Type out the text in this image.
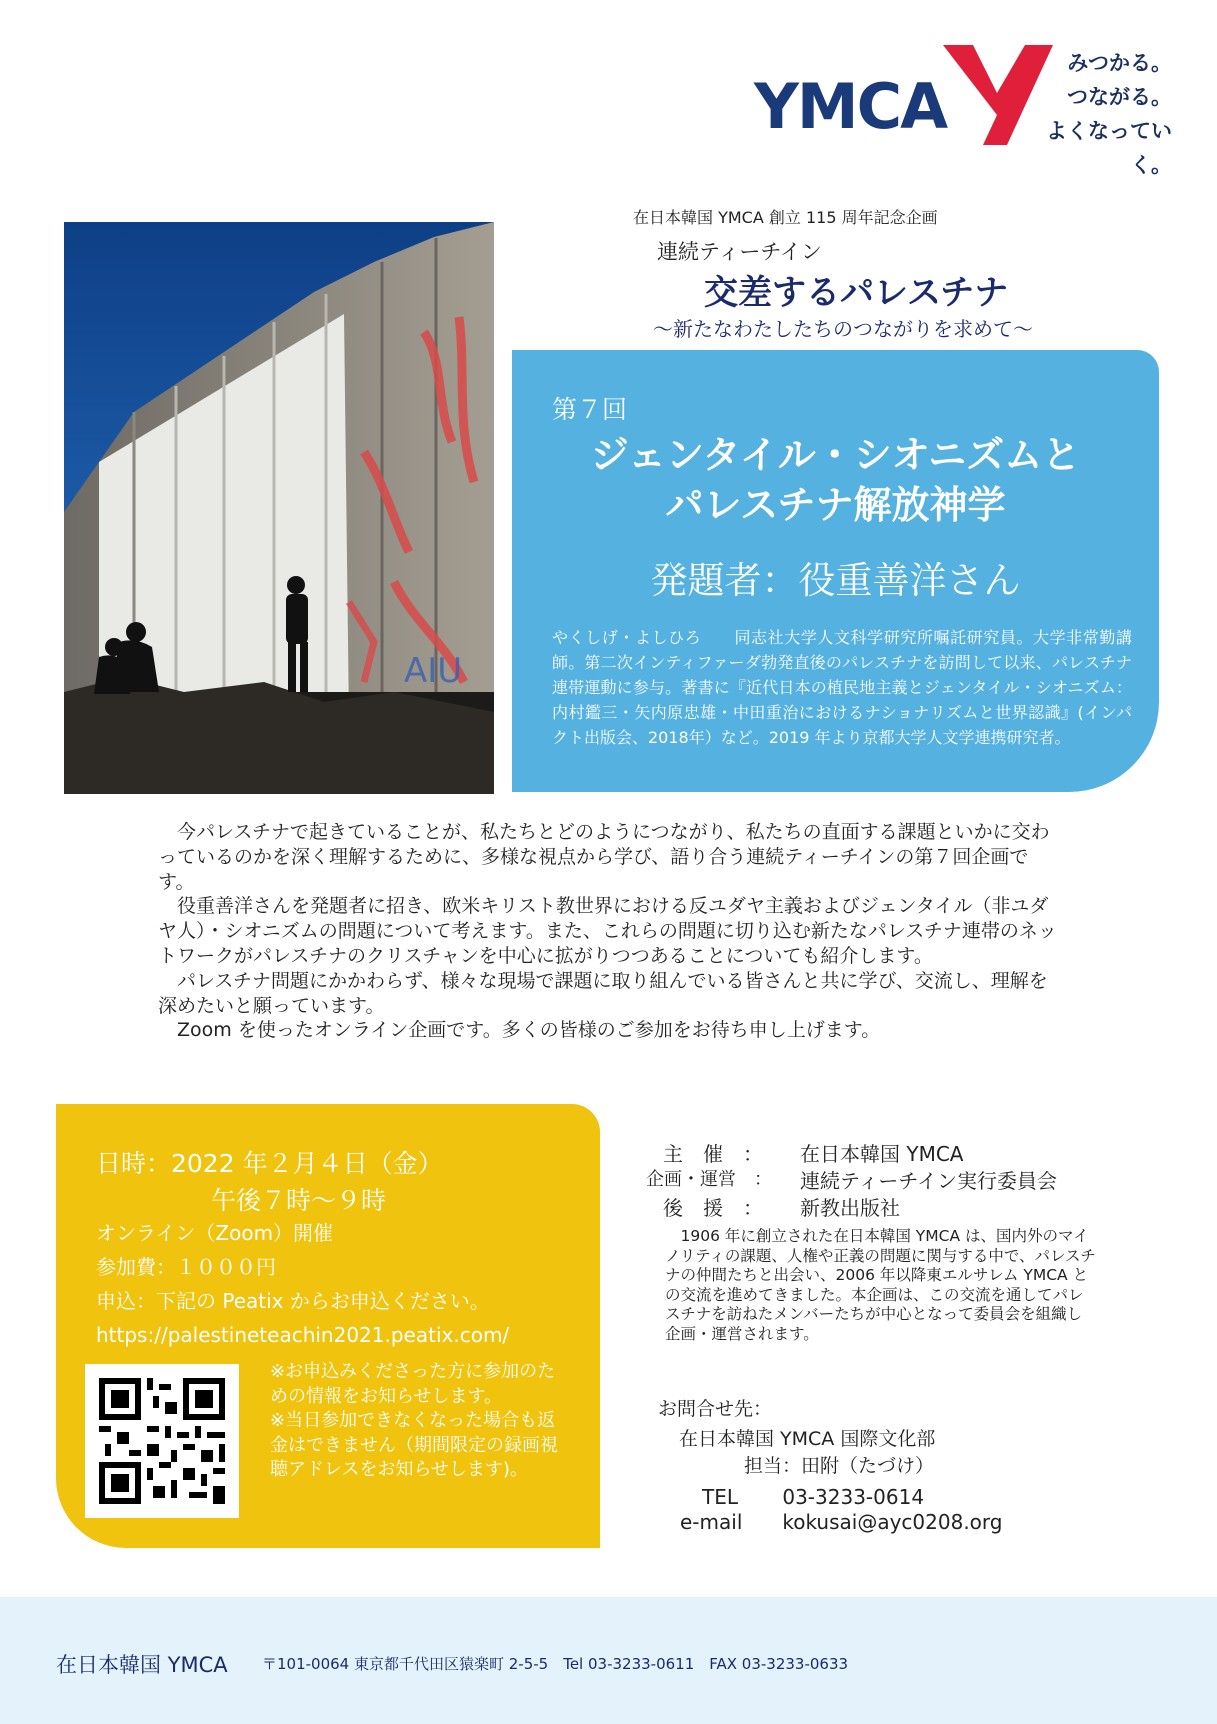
YMCA
みつかる。
つながる。
よくなっていく。
在日本韓国 YMCA 創立 115 周年記念企画
連続ティーチイン
交差するパレスチナ
〜新たなわたしたちのつながりを求めて〜
AIU
第７回
ジェンタイル・シオニズムと
パレスチナ解放神学
発題者：役重善洋さん
やくしげ・よしひろ　　同志社大学人文科学研究所嘱託研究員。大学非常勤講師。第二次インティファーダ勃発直後のパレスチナを訪問して以来、パレスチナ連帯運動に参与。著書に『近代日本の植民地主義とジェンタイル・シオニズム：内村鑑三・矢内原忠雄・中田重治におけるナショナリズムと世界認識』(インパクト出版会、2018年）など。2019 年より京都大学人文学連携研究者。

今パレスチナで起きていることが、私たちとどのようにつながり、私たちの直面する課題といかに交わっているのかを深く理解するために、多様な視点から学び、語り合う連続ティーチインの第７回企画です。

役重善洋さんを発題者に招き、欧米キリスト教世界における反ユダヤ主義およびジェンタイル（非ユダヤ人）・シオニズムの問題について考えます。また、これらの問題に切り込む新たなパレスチナ連帯のネットワークがパレスチナのクリスチャンを中心に拡がりつつあることについても紹介します。

パレスチナ問題にかかわらず、様々な現場で課題に取り組んでいる皆さんと共に学び、交流し、理解を深めたいと願っています。

Zoom を使ったオンライン企画です。多くの皆様のご参加をお待ち申し上げます。

日時：2022 年２月４日（金）
午後７時〜９時
オンライン（Zoom）開催
参加費：１０００円
申込：下記の Peatix からお申込ください。
https://palestineteachin2021.peatix.com/
※お申込みくださった方に参加のための情報をお知らせします。
※当日参加できなくなった場合も返金はできません（期間限定の録画視聴アドレスをお知らせします)。
主　催　：	在日本韓国 YMCA
企画・運営　：	連続ティーチイン実行委員会
後　援　：	新教出版社
1906 年に創立された在日本韓国 YMCA は、国内外のマイノリティの課題、人権や正義の問題に関与する中で、パレスチナの仲間たちと出会い、2006 年以降東エルサレム YMCA との交流を進めてきました。本企画は、この交流を通してパレスチナを訪ねたメンバーたちが中心となって委員会を組織し企画・運営されます。
お問合せ先：
在日本韓国 YMCA 国際文化部
担当：田附（たづけ）
TEL 03-3233-0614
e-mail kokusai@ayc0208.org
在日本韓国 YMCA 〒101-0064 東京都千代田区猿楽町 2-5-5　Tel 03-3233-0611　FAX 03-3233-0633
